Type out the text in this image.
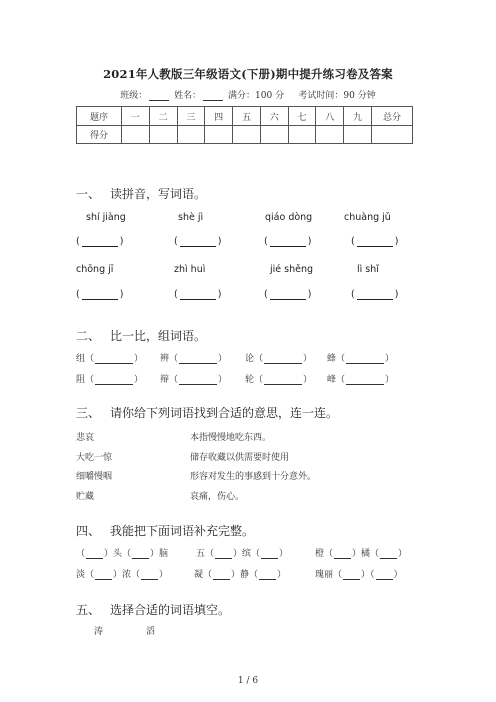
2021年人教版三年级语文(下册)期中提升练习卷及答案
班级：	姓名：	满分：100 分 考试时间：90 分钟
题序	一	二	三	四	五	六	七	八	九	总分
得分										
一、 读拼音，写词语。
shí jiàng	shè jì	qiáo dòng	chuàng jǔ
(	)	(	)	(	)	(	)
chōng jī	zhì huì	jié shěng	lì shǐ
(	)	(	)	(	)	(	)
二、 比一比，组词语。
组（	） 辨（	） 论（	） 蜂（	）
阻（	） 辩（	） 轮（	） 峰（	）
三、 请你给下列词语找到合适的意思，连一连。
悲哀
大吃一惊
细嚼慢咽
贮藏
本指慢慢地吃东西。
储存收藏以供需要时使用
形容对发生的事感到十分意外。
哀痛，伤心。
四、 我能把下面词语补充完整。
（ ）头（ ）脑	五（ ）缤（ ）	橙（ ）橘（ ）
淡（ ）浓（ ）	凝（ ）静（ ）	瑰丽（ ）（ ）
五、 选择合适的词语填空。
涛	滔
1 / 6
